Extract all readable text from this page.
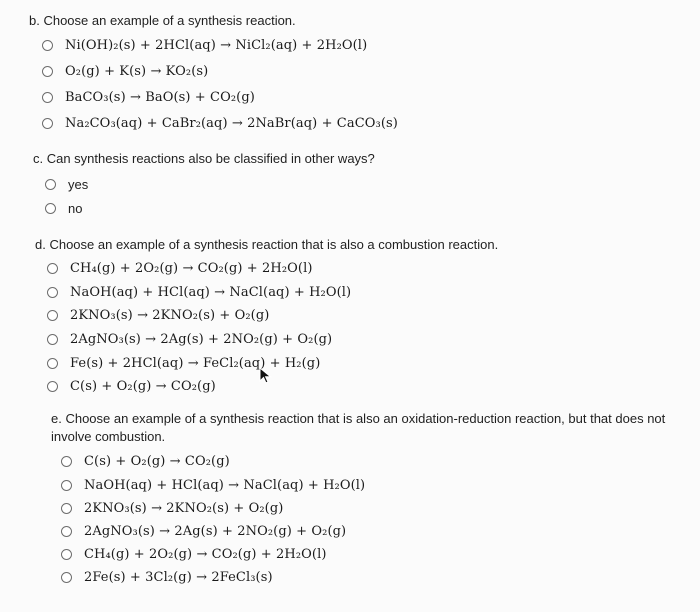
b. Choose an example of a synthesis reaction.
Ni(OH)₂(s) + 2HCl(aq) → NiCl₂(aq) + 2H₂O(l)
O₂(g) + K(s) → KO₂(s)
BaCO₃(s) → BaO(s) + CO₂(g)
Na₂CO₃(aq) + CaBr₂(aq) → 2NaBr(aq) + CaCO₃(s)
c. Can synthesis reactions also be classified in other ways?
yes
no
d. Choose an example of a synthesis reaction that is also a combustion reaction.
CH₄(g) + 2O₂(g) → CO₂(g) + 2H₂O(l)
NaOH(aq) + HCl(aq) → NaCl(aq) + H₂O(l)
2KNO₃(s) → 2KNO₂(s) + O₂(g)
2AgNO₃(s) → 2Ag(s) + 2NO₂(g) + O₂(g)
Fe(s) + 2HCl(aq) → FeCl₂(aq) + H₂(g)
C(s) + O₂(g) → CO₂(g)
e. Choose an example of a synthesis reaction that is also an oxidation-reduction reaction, but that does not involve combustion.
C(s) + O₂(g) → CO₂(g)
NaOH(aq) + HCl(aq) → NaCl(aq) + H₂O(l)
2KNO₃(s) → 2KNO₂(s) + O₂(g)
2AgNO₃(s) → 2Ag(s) + 2NO₂(g) + O₂(g)
CH₄(g) + 2O₂(g) → CO₂(g) + 2H₂O(l)
2Fe(s) + 3Cl₂(g) → 2FeCl₃(s)
